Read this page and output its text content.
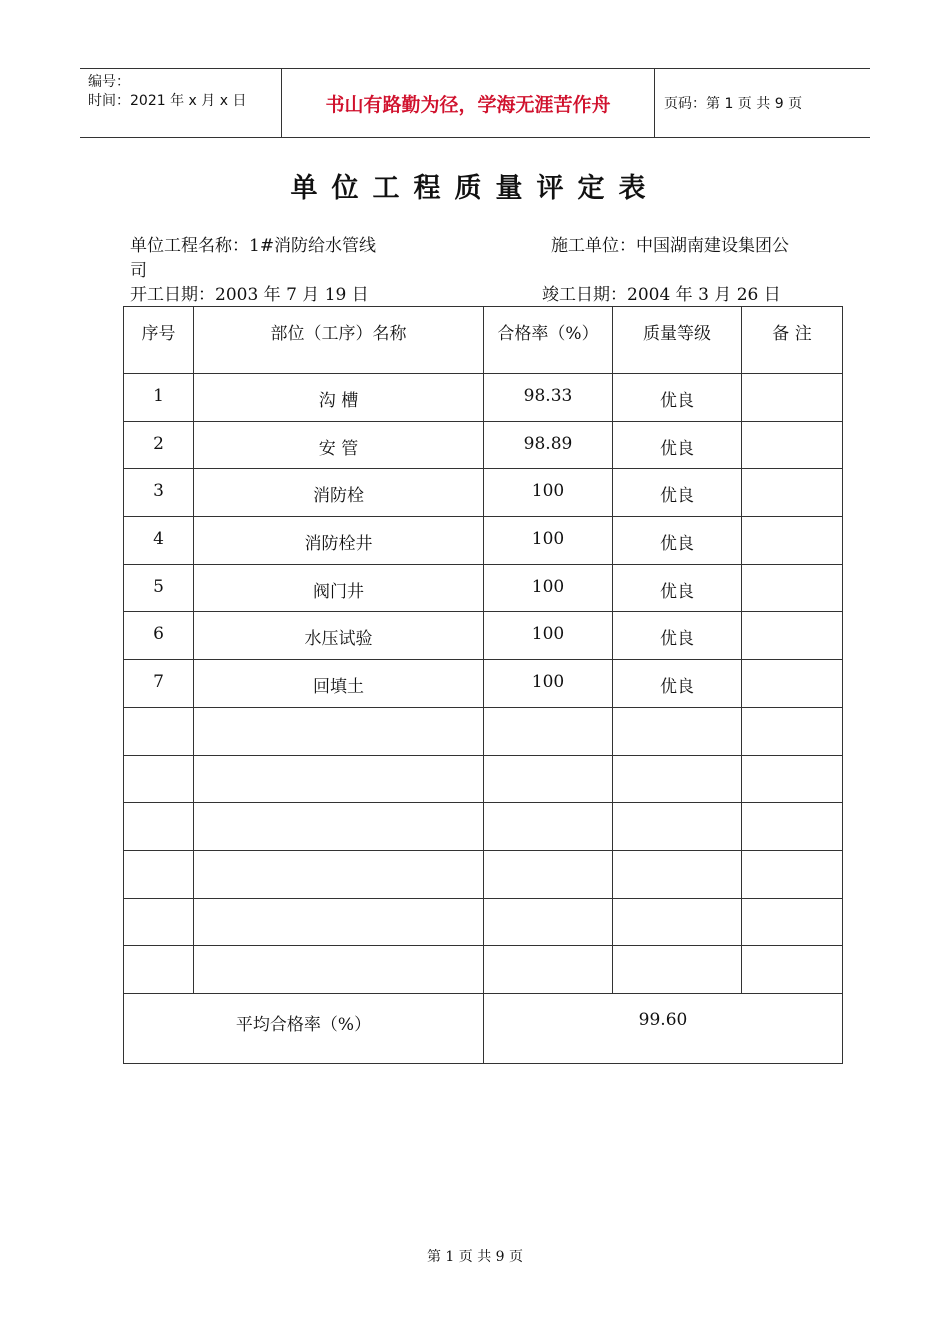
编号：
时间：2021 年 x 月 x 日	书山有路勤为径，学海无涯苦作舟	页码：第 1 页 共 9 页
单位工程质量评定表
单位工程名称：1#消防给水管线
司
施工单位：中国湖南建设集团公
开工日期：2003 年 7 月 19 日	竣工日期：2004 年 3 月 26 日
序号	部位（工序）名称	合格率（%）	质量等级	备 注
1	沟 槽	98.33	优良	
2	安 管	98.89	优良	
3	消防栓	100	优良	
4	消防栓井	100	优良	
5	阀门井	100	优良	
6	水压试验	100	优良	
7	回填土	100	优良	

平均合格率（%）		99.60		
第 1 页 共 9 页
